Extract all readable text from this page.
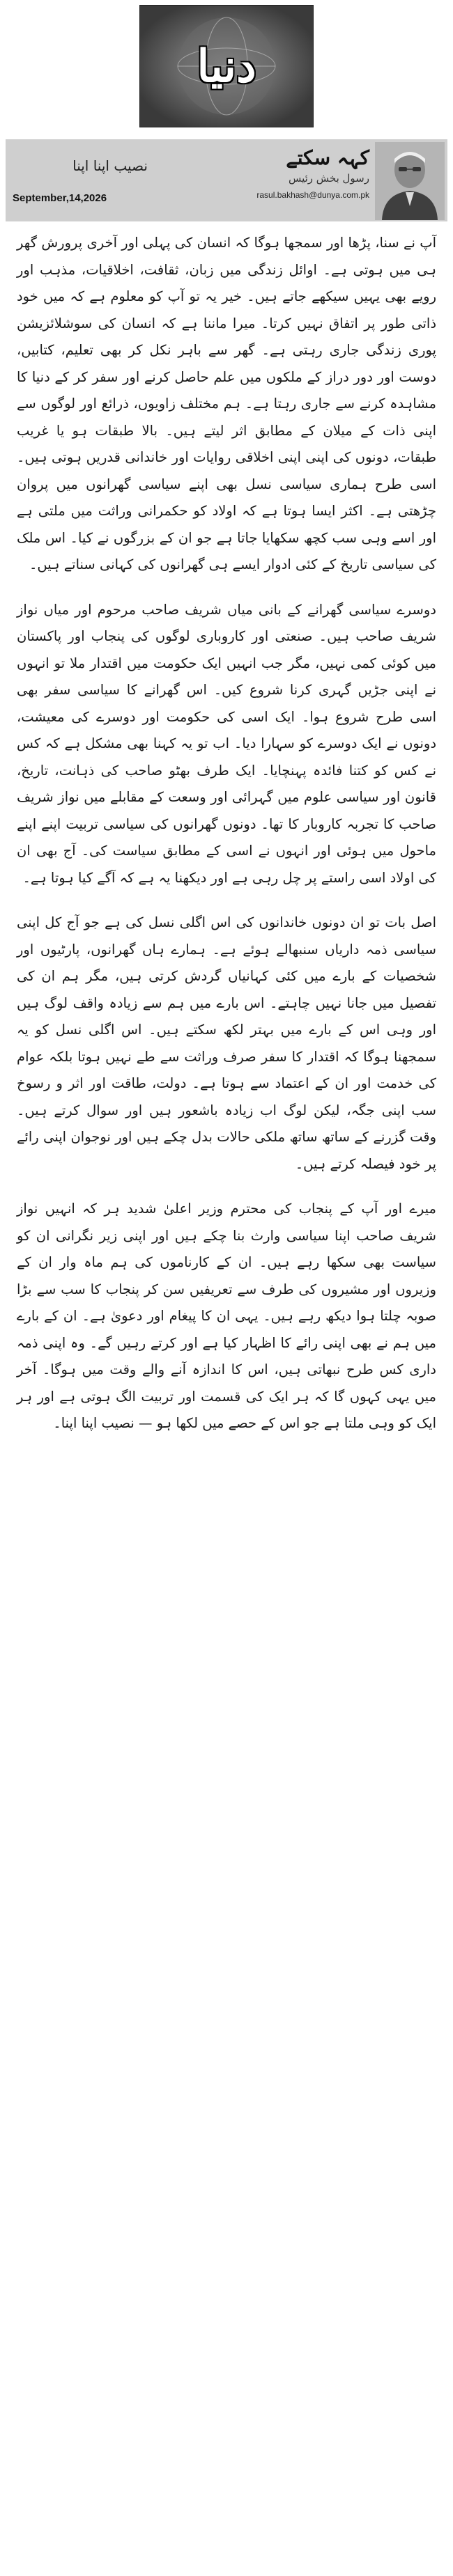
دنیا
نصیب اپنا اپنا
September,14,2026
کہہ سکتے
رسول بخش رئیس
rasul.bakhash@dunya.com.pk

آپ نے سنا، پڑھا اور سمجھا ہوگا کہ انسان کی پہلی اور آخری پرورش گھر ہی میں ہوتی ہے۔ اوائل زندگی میں زبان، ثقافت، اخلاقیات، مذہب اور رویے بھی یہیں سیکھے جاتے ہیں۔ خیر یہ تو آپ کو معلوم ہے کہ میں خود ذاتی طور پر اتفاق نہیں کرتا۔ میرا ماننا ہے کہ انسان کی سوشلائزیشن پوری زندگی جاری رہتی ہے۔ گھر سے باہر نکل کر بھی تعلیم، کتابیں، دوست اور دور دراز کے ملکوں میں علم حاصل کرنے اور سفر کر کے دنیا کا مشاہدہ کرنے سے جاری رہتا ہے۔ ہم مختلف زاویوں، ذرائع اور لوگوں سے اپنی ذات کے میلان کے مطابق اثر لیتے ہیں۔ بالا طبقات ہو یا غریب طبقات، دونوں کی اپنی اپنی اخلاقی روایات اور خاندانی قدریں ہوتی ہیں۔ اسی طرح ہماری سیاسی نسل بھی اپنے سیاسی گھرانوں میں پروان چڑھتی ہے۔ اکثر ایسا ہوتا ہے کہ اولاد کو حکمرانی وراثت میں ملتی ہے اور اسے وہی سب کچھ سکھایا جاتا ہے جو ان کے بزرگوں نے کیا۔ اس ملک کی سیاسی تاریخ کے کئی ادوار ایسے ہی گھرانوں کی کہانی سناتے ہیں۔

دوسرے سیاسی گھرانے کے بانی میاں شریف صاحب مرحوم اور میاں نواز شریف صاحب ہیں۔ صنعتی اور کاروباری لوگوں کی پنجاب اور پاکستان میں کوئی کمی نہیں، مگر جب انہیں ایک حکومت میں اقتدار ملا تو انہوں نے اپنی جڑیں گہری کرنا شروع کیں۔ اس گھرانے کا سیاسی سفر بھی اسی طرح شروع ہوا۔ ایک اسی کی حکومت اور دوسرے کی معیشت، دونوں نے ایک دوسرے کو سہارا دیا۔ اب تو یہ کہنا بھی مشکل ہے کہ کس نے کس کو کتنا فائدہ پہنچایا۔ ایک طرف بھٹو صاحب کی ذہانت، تاریخ، قانون اور سیاسی علوم میں گہرائی اور وسعت کے مقابلے میں نواز شریف صاحب کا تجربہ کاروبار کا تھا۔ دونوں گھرانوں کی سیاسی تربیت اپنے اپنے ماحول میں ہوئی اور انہوں نے اسی کے مطابق سیاست کی۔ آج بھی ان کی اولاد اسی راستے پر چل رہی ہے اور دیکھنا یہ ہے کہ آگے کیا ہوتا ہے۔

اصل بات تو ان دونوں خاندانوں کی اس اگلی نسل کی ہے جو آج کل اپنی سیاسی ذمہ داریاں سنبھالے ہوئے ہے۔ ہمارے ہاں گھرانوں، پارٹیوں اور شخصیات کے بارے میں کئی کہانیاں گردش کرتی ہیں، مگر ہم ان کی تفصیل میں جانا نہیں چاہتے۔ اس بارے میں ہم سے زیادہ واقف لوگ ہیں اور وہی اس کے بارے میں بہتر لکھ سکتے ہیں۔ اس اگلی نسل کو یہ سمجھنا ہوگا کہ اقتدار کا سفر صرف وراثت سے طے نہیں ہوتا بلکہ عوام کی خدمت اور ان کے اعتماد سے ہوتا ہے۔ دولت، طاقت اور اثر و رسوخ سب اپنی جگہ، لیکن لوگ اب زیادہ باشعور ہیں اور سوال کرتے ہیں۔ وقت گزرنے کے ساتھ ساتھ ملکی حالات بدل چکے ہیں اور نوجوان اپنی رائے پر خود فیصلہ کرتے ہیں۔

میرے اور آپ کے پنجاب کی محترم وزیر اعلیٰ شدید ہر کہ انہیں نواز شریف صاحب اپنا سیاسی وارث بنا چکے ہیں اور اپنی زیر نگرانی ان کو سیاست بھی سکھا رہے ہیں۔ ان کے کارناموں کی ہم ماہ وار ان کے وزیروں اور مشیروں کی طرف سے تعریفیں سن کر پنجاب کا سب سے بڑا صوبہ چلتا ہوا دیکھ رہے ہیں۔ یہی ان کا پیغام اور دعویٰ ہے۔ ان کے بارے میں ہم نے بھی اپنی رائے کا اظہار کیا ہے اور کرتے رہیں گے۔ وہ اپنی ذمہ داری کس طرح نبھاتی ہیں، اس کا اندازہ آنے والے وقت میں ہوگا۔ آخر میں یہی کہوں گا کہ ہر ایک کی قسمت اور تربیت الگ ہوتی ہے اور ہر ایک کو وہی ملتا ہے جو اس کے حصے میں لکھا ہو — نصیب اپنا اپنا۔
